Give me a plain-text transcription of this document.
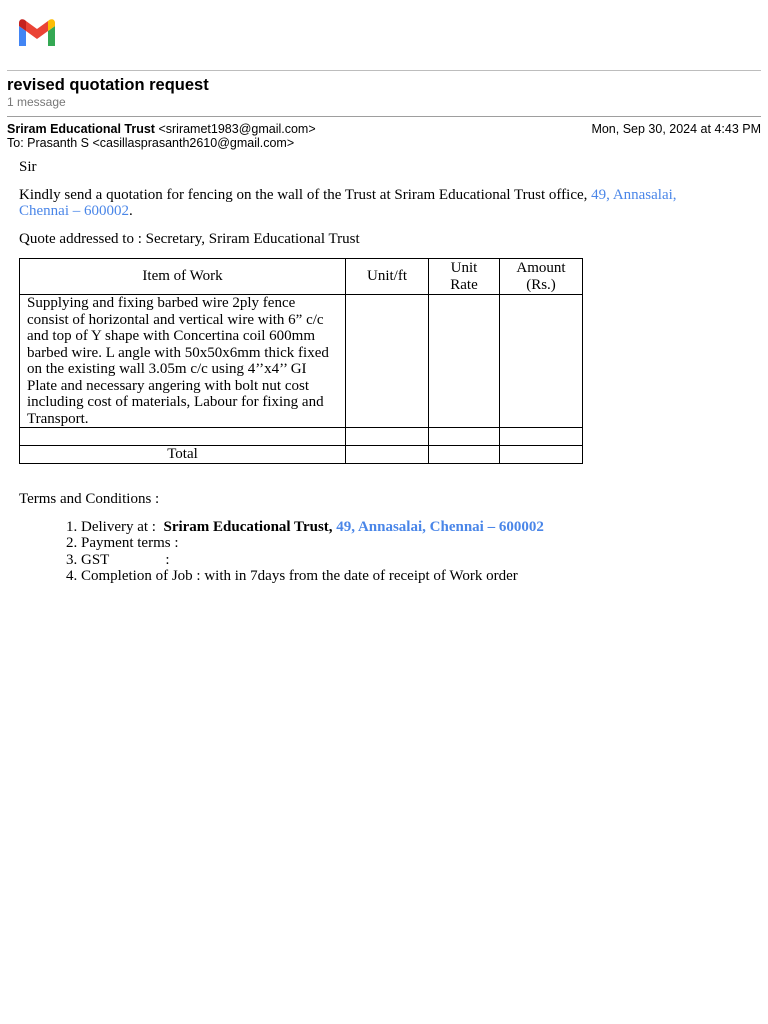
revised quotation request
1 message
Sriram Educational Trust <sriramet1983@gmail.com>	Mon, Sep 30, 2024 at 4:43 PM
To: Prasanth S <casillasprasanth2610@gmail.com>

Sir

Kindly send a quotation for fencing on the wall of the Trust at Sriram Educational Trust office, 49, Annasalai, Chennai – 600002.

Quote addressed to : Secretary, Sriram Educational Trust

Item of Work	Unit/ft	Unit Rate	Amount (Rs.)
Supplying and fixing barbed wire 2ply fence consist of horizontal and vertical wire with 6” c/c and top of Y shape with Concertina coil 600mm barbed wire. L angle with 50x50x6mm thick fixed on the existing wall 3.05m c/c using 4’’x4’’ GI Plate and necessary angering with bolt nut cost including cost of materials, Labour for fixing and Transport.			

Total			

Terms and Conditions :

1. Delivery at :  Sriram Educational Trust, 49, Annasalai, Chennai – 600002
2. Payment terms :
3. GST               :
4. Completion of Job : with in 7days from the date of receipt of Work order
